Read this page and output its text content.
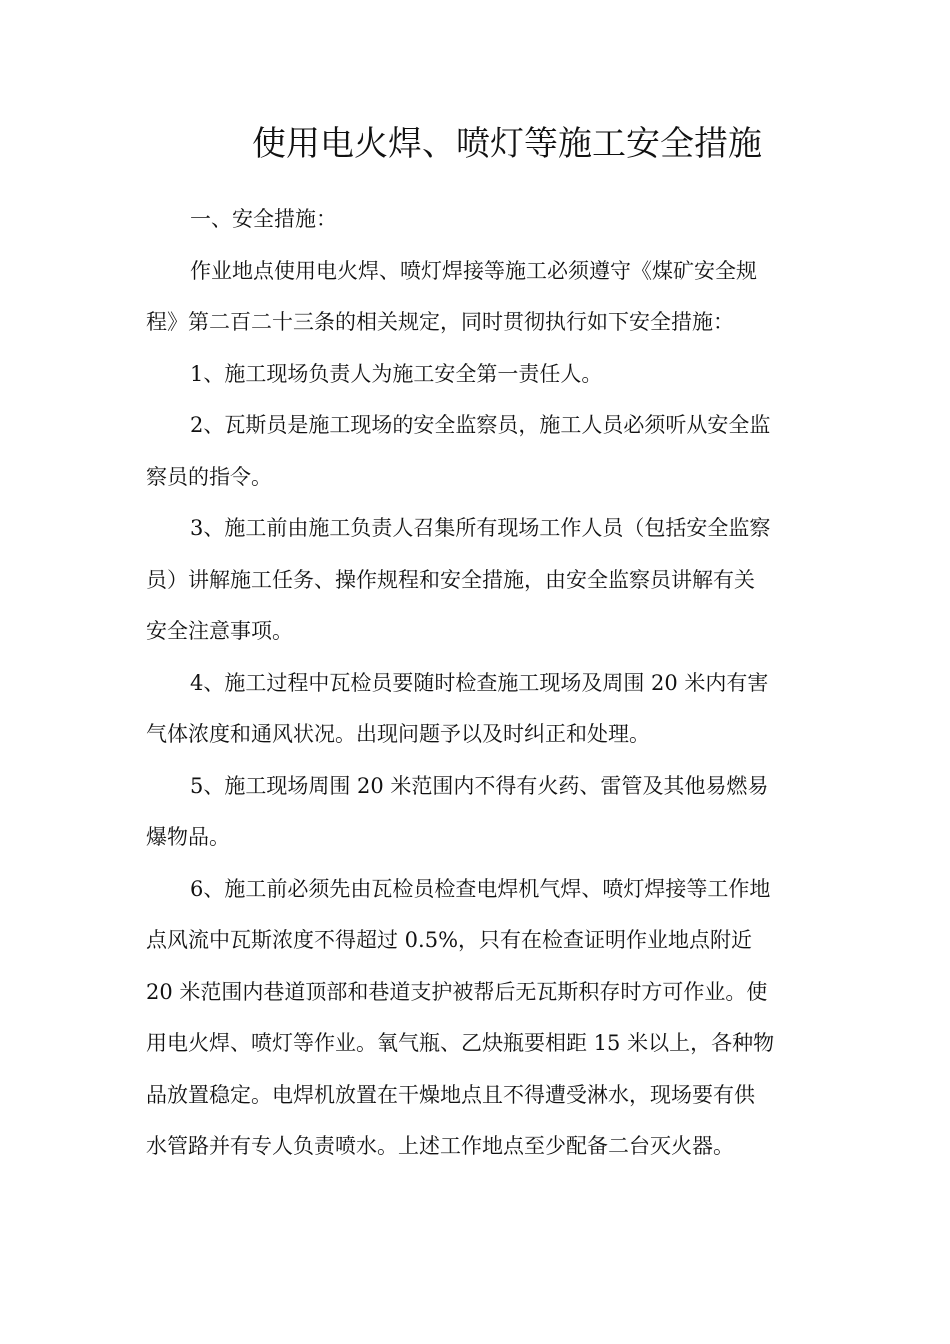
使用电火焊、喷灯等施工安全措施

一、安全措施：

作业地点使用电火焊、喷灯焊接等施工必须遵守《煤矿安全规
程》第二百二十三条的相关规定，同时贯彻执行如下安全措施：

1、施工现场负责人为施工安全第一责任人。

2、瓦斯员是施工现场的安全监察员，施工人员必须听从安全监
察员的指令。

3、施工前由施工负责人召集所有现场工作人员（包括安全监察
员）讲解施工任务、操作规程和安全措施，由安全监察员讲解有关
安全注意事项。

4、施工过程中瓦检员要随时检查施工现场及周围 20 米内有害
气体浓度和通风状况。出现问题予以及时纠正和处理。

5、施工现场周围 20 米范围内不得有火药、雷管及其他易燃易
爆物品。

6、施工前必须先由瓦检员检查电焊机气焊、喷灯焊接等工作地
点风流中瓦斯浓度不得超过 0.5%，只有在检查证明作业地点附近
20 米范围内巷道顶部和巷道支护被帮后无瓦斯积存时方可作业。使
用电火焊、喷灯等作业。氧气瓶、乙炔瓶要相距 15 米以上，各种物
品放置稳定。电焊机放置在干燥地点且不得遭受淋水，现场要有供
水管路并有专人负责喷水。上述工作地点至少配备二台灭火器。
